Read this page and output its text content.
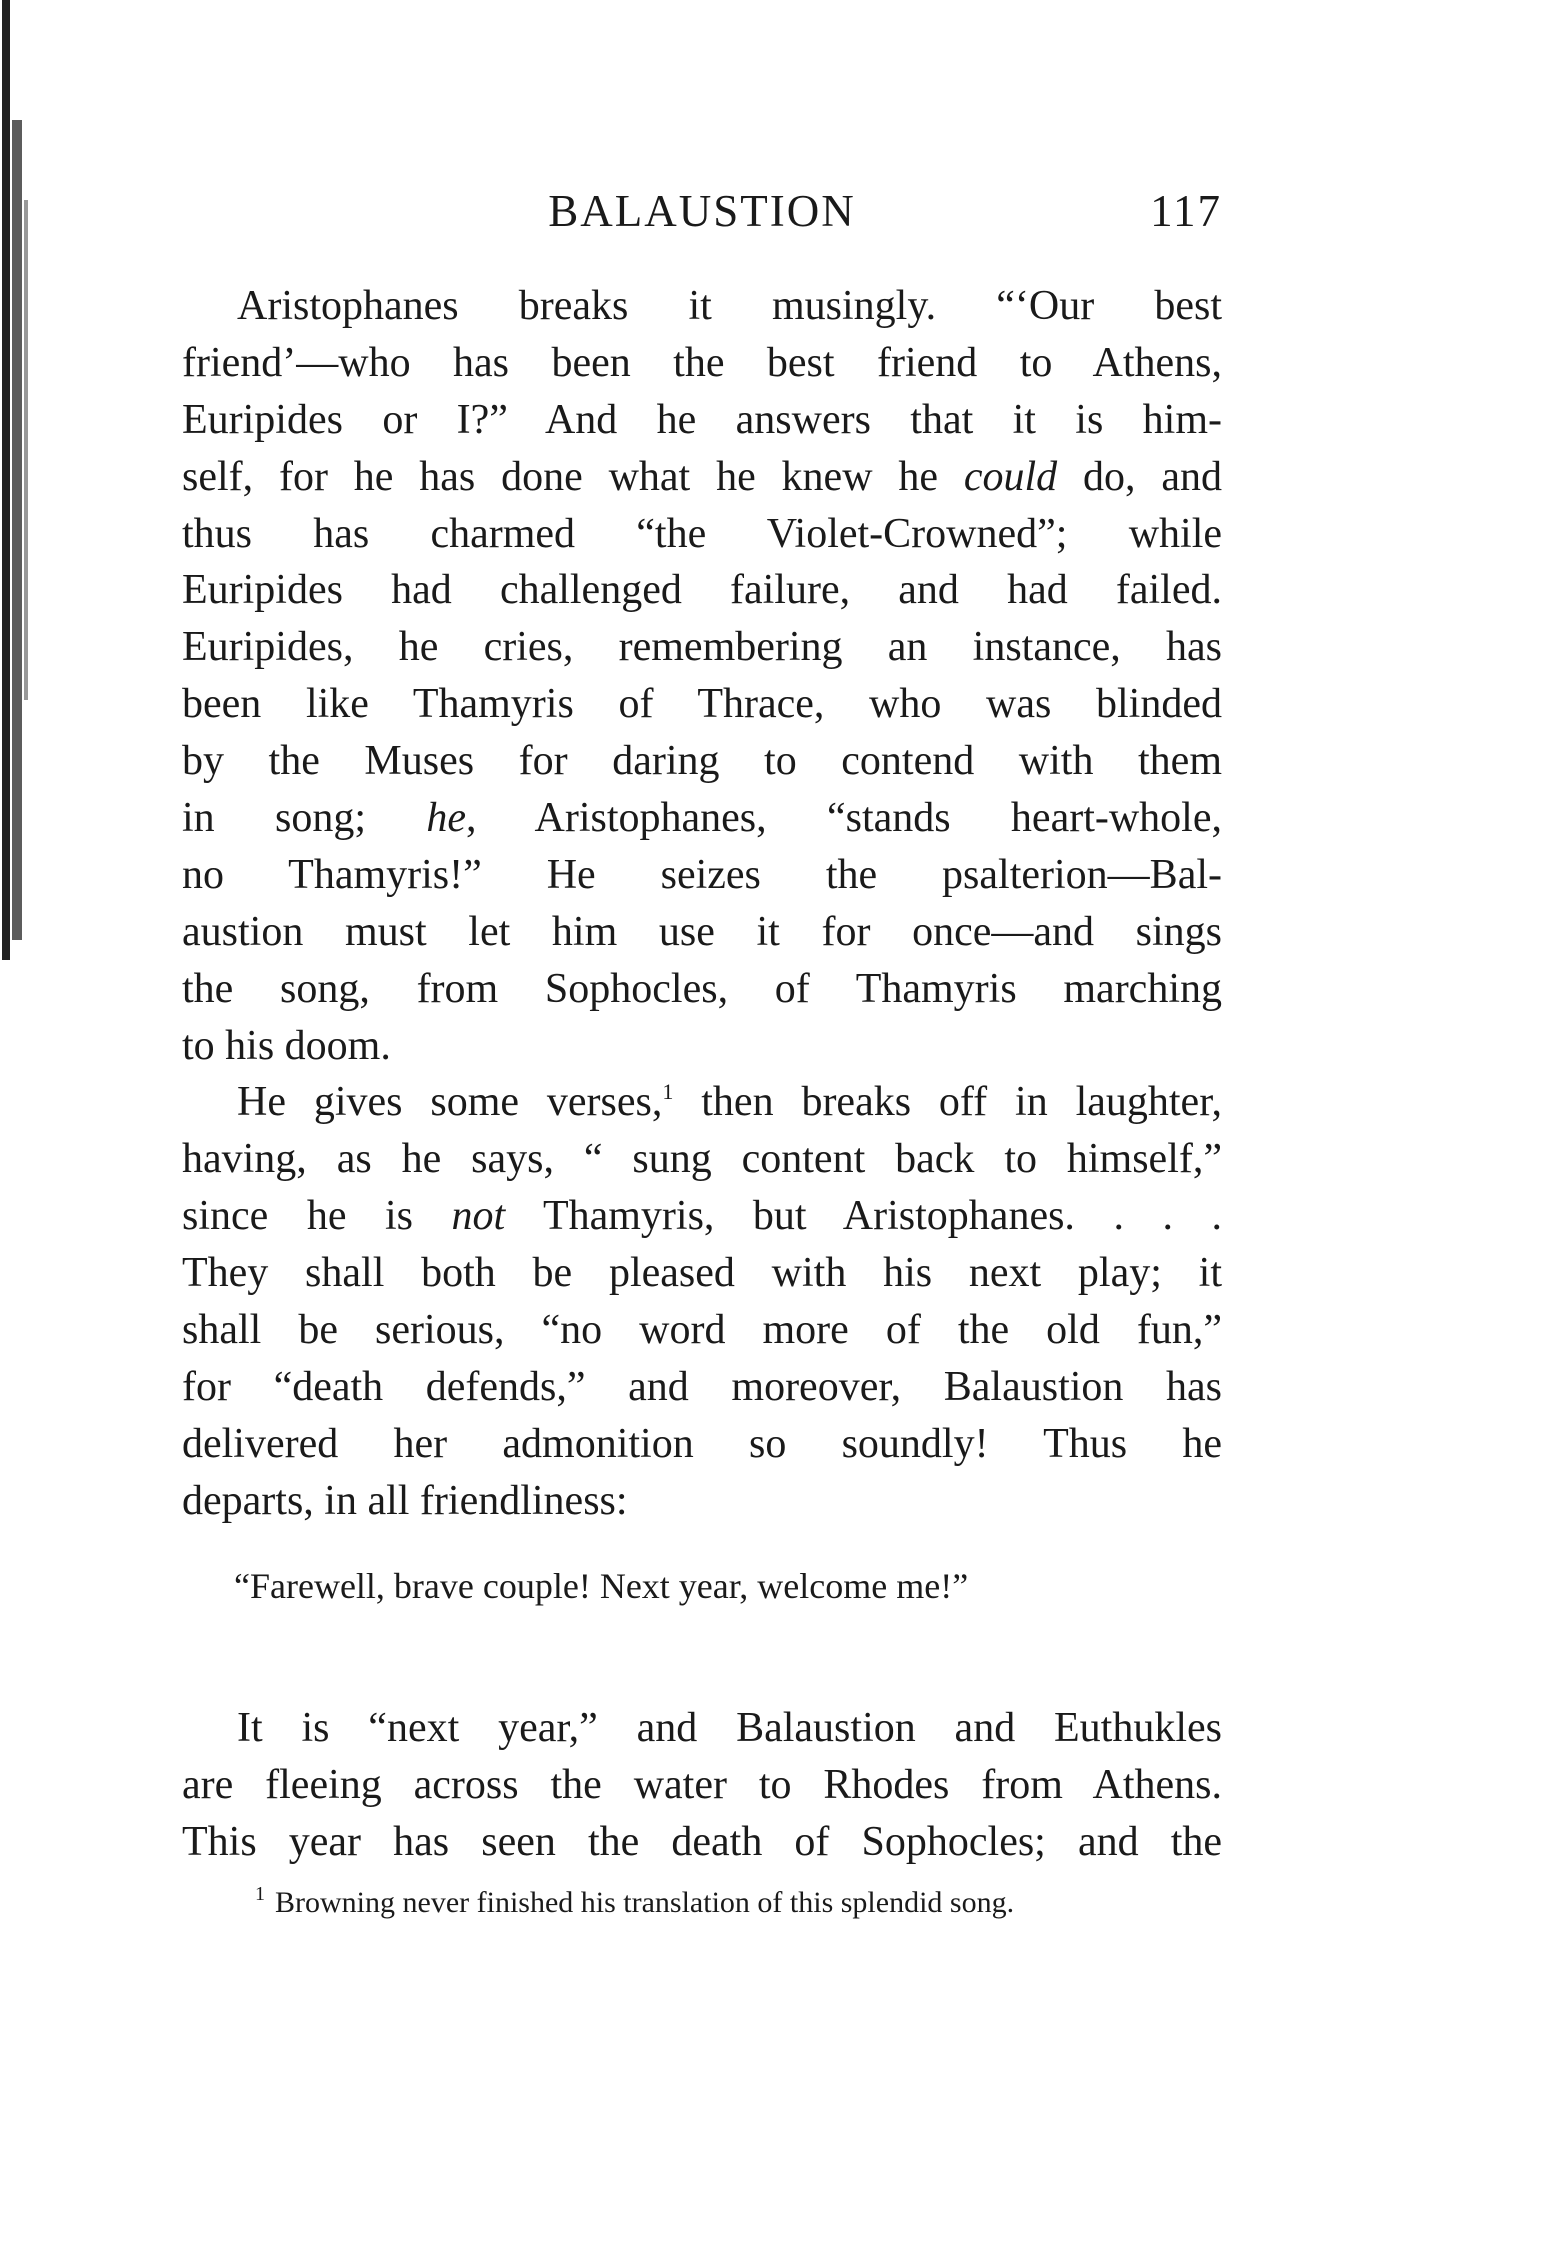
BALAUSTION	117
Aristophanes breaks it musingly. “‘Our best
friend’—who has been the best friend to Athens,
Euripides or I?” And he answers that it is him-
self, for he has done what he knew he could do, and
thus has charmed “the Violet-Crowned”; while
Euripides had challenged failure, and had failed.
Euripides, he cries, remembering an instance, has
been like Thamyris of Thrace, who was blinded
by the Muses for daring to contend with them
in song; he, Aristophanes, “stands heart-whole,
no Thamyris!” He seizes the psalterion—Bal-
austion must let him use it for once—and sings
the song, from Sophocles, of Thamyris marching
to his doom.
He gives some verses,$^1$ then breaks off in laughter,
having, as he says, “ sung content back to himself,”
since he is not Thamyris, but Aristophanes. . . .
They shall both be pleased with his next play; it
shall be serious, “no word more of the old fun,”
for “death defends,” and moreover, Balaustion has
delivered her admonition so soundly! Thus he
departs, in all friendliness:
“Farewell, brave couple! Next year, welcome me!”
It is “next year,” and Balaustion and Euthukles
are fleeing across the water to Rhodes from Athens.
This year has seen the death of Sophocles; and the
$^1$ Browning never finished his translation of this splendid song.
